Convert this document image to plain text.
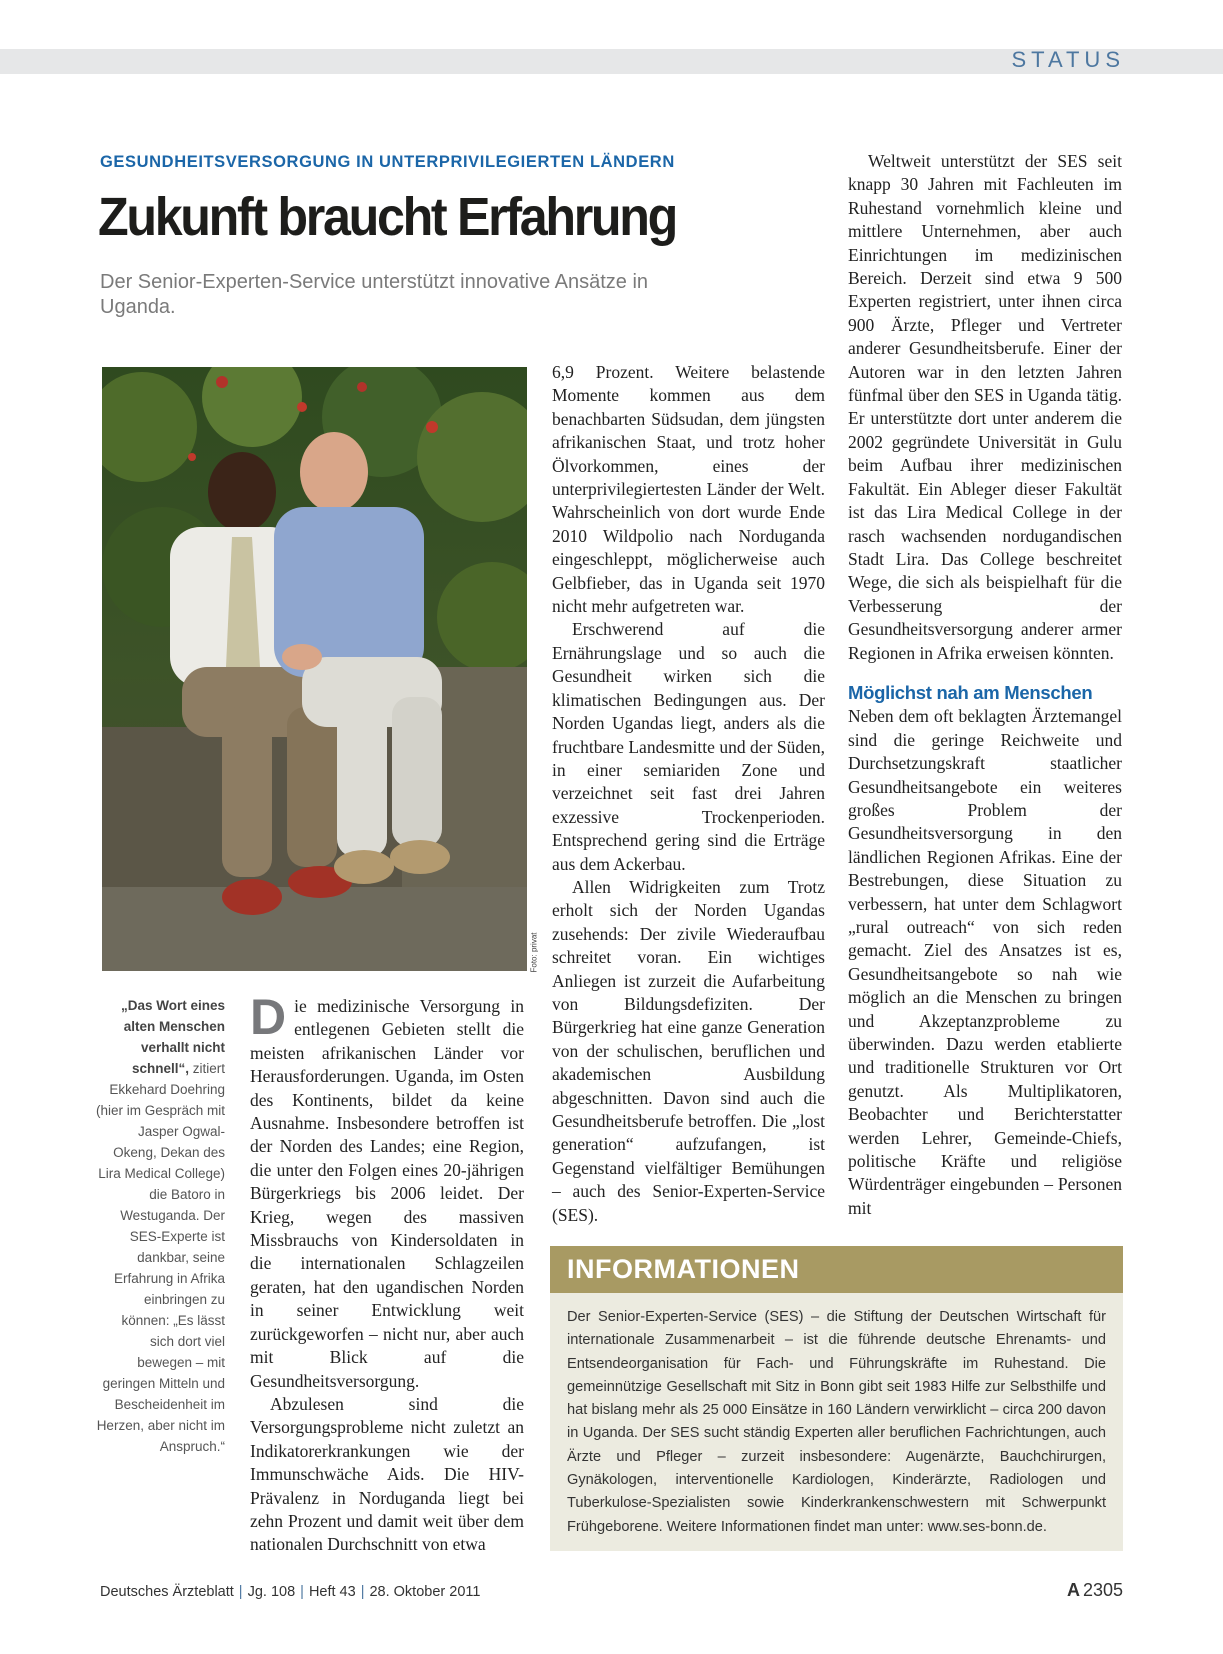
STATUS
GESUNDHEITSVERSORGUNG IN UNTERPRIVILEGIERTEN LÄNDERN
Zukunft braucht Erfahrung
Der Senior-Experten-Service unterstützt innovative Ansätze in Uganda.
Foto: privat
„Das Wort eines alten Menschen verhallt nicht schnell“, zitiert Ekkehard Doehring (hier im Gespräch mit Jasper Ogwal-Okeng, Dekan des Lira Medical College) die Batoro in Westuganda. Der SES-Experte ist dankbar, seine Erfahrung in Afrika einbringen zu können: „Es lässt sich dort viel bewegen – mit geringen Mitteln und Bescheidenheit im Herzen, aber nicht im Anspruch.“

Die medizinische Versorgung in entlegenen Gebieten stellt die meisten afrikanischen Länder vor Herausforderungen. Uganda, im Osten des Kontinents, bildet da keine Ausnahme. Insbesondere betroffen ist der Norden des Landes; eine Region, die unter den Folgen eines 20-jährigen Bürgerkriegs bis 2006 leidet. Der Krieg, wegen des massiven Missbrauchs von Kindersoldaten in die internationalen Schlagzeilen geraten, hat den ugandischen Norden in seiner Entwicklung weit zurückgeworfen – nicht nur, aber auch mit Blick auf die Gesundheitsversorgung.

Abzulesen sind die Versorgungsprobleme nicht zuletzt an Indikatorerkrankungen wie der Immunschwäche Aids. Die HIV-Prävalenz in Norduganda liegt bei zehn Prozent und damit weit über dem nationalen Durchschnitt von etwa

6,9 Prozent. Weitere belastende Momente kommen aus dem benachbarten Südsudan, dem jüngsten afrikanischen Staat, und trotz hoher Ölvorkommen, eines der unterprivilegiertesten Länder der Welt. Wahrscheinlich von dort wurde Ende 2010 Wildpolio nach Norduganda eingeschleppt, möglicherweise auch Gelbfieber, das in Uganda seit 1970 nicht mehr aufgetreten war.

Erschwerend auf die Ernährungslage und so auch die Gesundheit wirken sich die klimatischen Bedingungen aus. Der Norden Ugandas liegt, anders als die fruchtbare Landesmitte und der Süden, in einer semiariden Zone und verzeichnet seit fast drei Jahren exzessive Trockenperioden. Entsprechend gering sind die Erträge aus dem Ackerbau.

Allen Widrigkeiten zum Trotz erholt sich der Norden Ugandas zusehends: Der zivile Wiederaufbau schreitet voran. Ein wichtiges Anliegen ist zurzeit die Aufarbeitung von Bildungsdefiziten. Der Bürgerkrieg hat eine ganze Generation von der schulischen, beruflichen und akademischen Ausbildung abgeschnitten. Davon sind auch die Gesundheitsberufe betroffen. Die „lost generation“ aufzufangen, ist Gegenstand vielfältiger Bemühungen – auch des Senior-Experten-Service (SES).

Weltweit unterstützt der SES seit knapp 30 Jahren mit Fachleuten im Ruhestand vornehmlich kleine und mittlere Unternehmen, aber auch Einrichtungen im medizinischen Bereich. Derzeit sind etwa 9 500 Experten registriert, unter ihnen circa 900 Ärzte, Pfleger und Vertreter anderer Gesundheitsberufe. Einer der Autoren war in den letzten Jahren fünfmal über den SES in Uganda tätig. Er unterstützte dort unter anderem die 2002 gegründete Universität in Gulu beim Aufbau ihrer medizinischen Fakultät. Ein Ableger dieser Fakultät ist das Lira Medical College in der rasch wachsenden nordugandischen Stadt Lira. Das College beschreitet Wege, die sich als beispielhaft für die Verbesserung der Gesundheitsversorgung anderer armer Regionen in Afrika erweisen könnten.

Möglichst nah am Menschen

Neben dem oft beklagten Ärztemangel sind die geringe Reichweite und Durchsetzungskraft staatlicher Gesundheitsangebote ein weiteres großes Problem der Gesundheitsversorgung in den ländlichen Regionen Afrikas. Eine der Bestrebungen, diese Situation zu verbessern, hat unter dem Schlagwort „rural outreach“ von sich reden gemacht. Ziel des Ansatzes ist es, Gesundheitsangebote so nah wie möglich an die Menschen zu bringen und Akzeptanzprobleme zu überwinden. Dazu werden etablierte und traditionelle Strukturen vor Ort genutzt. Als Multiplikatoren, Beobachter und Berichterstatter werden Lehrer, Gemeinde-Chiefs, politische Kräfte und religiöse Würdenträger eingebunden – Personen mit

INFORMATIONEN
Der Senior-Experten-Service (SES) – die Stiftung der Deutschen Wirtschaft für internationale Zusammenarbeit – ist die führende deutsche Ehrenamts- und Entsendeorganisation für Fach- und Führungskräfte im Ruhestand. Die gemeinnützige Gesellschaft mit Sitz in Bonn gibt seit 1983 Hilfe zur Selbsthilfe und hat bislang mehr als 25 000 Einsätze in 160 Ländern verwirklicht – circa 200 davon in Uganda. Der SES sucht ständig Experten aller beruflichen Fachrichtungen, auch Ärzte und Pfleger – zurzeit insbesondere: Augenärzte, Bauchchirurgen, Gynäkologen, interventionelle Kardiologen, Kinderärzte, Radiologen und Tuberkulose-Spezialisten sowie Kinderkrankenschwestern mit Schwerpunkt Frühgeborene. Weitere Informationen findet man unter: www.ses-bonn.de.
Deutsches Ärzteblatt | Jg. 108 | Heft 43 | 28. Oktober 2011	A 2305
